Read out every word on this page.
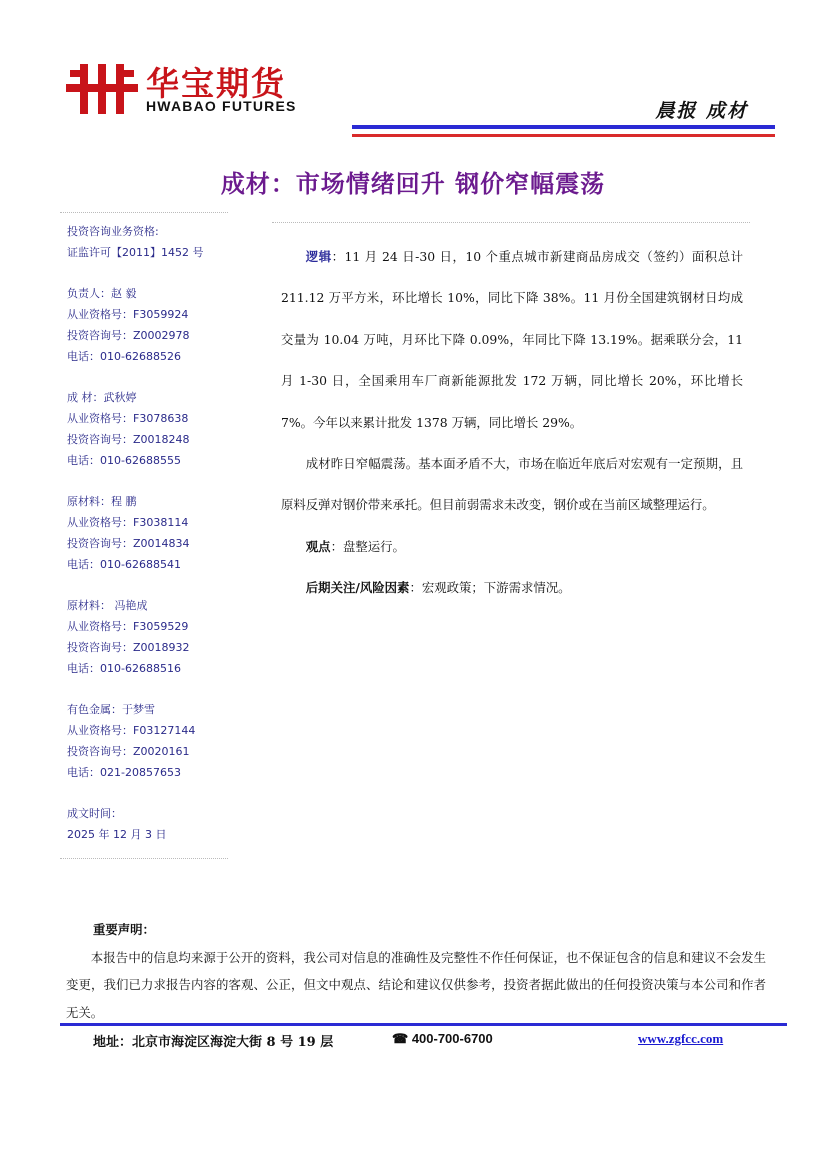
华宝期货
HWABAO FUTURES	晨报 成材
成材：市场情绪回升 钢价窄幅震荡
投资咨询业务资格:
证监许可【2011】1452 号
负责人：赵 毅
从业资格号：F3059924
投资咨询号：Z0002978
电话：010-62688526
成 材：武秋婷
从业资格号：F3078638
投资咨询号：Z0018248
电话：010-62688555
原材料：程 鹏
从业资格号：F3038114
投资咨询号：Z0014834
电话：010-62688541
原材料： 冯艳成
从业资格号：F3059529
投资咨询号：Z0018932
电话：010-62688516
有色金属：于梦雪
从业资格号：F03127144
投资咨询号：Z0020161
电话：021-20857653
成文时间：
2025 年 12 月 3 日

逻辑：11 月 24 日-30 日，10 个重点城市新建商品房成交（签约）面积总计 211.12 万平方米，环比增长 10%，同比下降 38%。11 月份全国建筑钢材日均成交量为 10.04 万吨，月环比下降 0.09%，年同比下降 13.19%。据乘联分会，11 月 1-30 日，全国乘用车厂商新能源批发 172 万辆，同比增长 20%，环比增长 7%。今年以来累计批发 1378 万辆，同比增长 29%。

成材昨日窄幅震荡。基本面矛盾不大，市场在临近年底后对宏观有一定预期，且原料反弹对钢价带来承托。但目前弱需求未改变，钢价或在当前区域整理运行。

观点：盘整运行。

后期关注/风险因素：宏观政策；下游需求情况。

重要声明：

本报告中的信息均来源于公开的资料，我公司对信息的准确性及完整性不作任何保证，也不保证包含的信息和建议不会发生变更，我们已力求报告内容的客观、公正，但文中观点、结论和建议仅供参考，投资者据此做出的任何投资决策与本公司和作者无关。

地址：北京市海淀区海淀大街 8 号 19 层	☎ 400-700-6700	www.zgfcc.com
